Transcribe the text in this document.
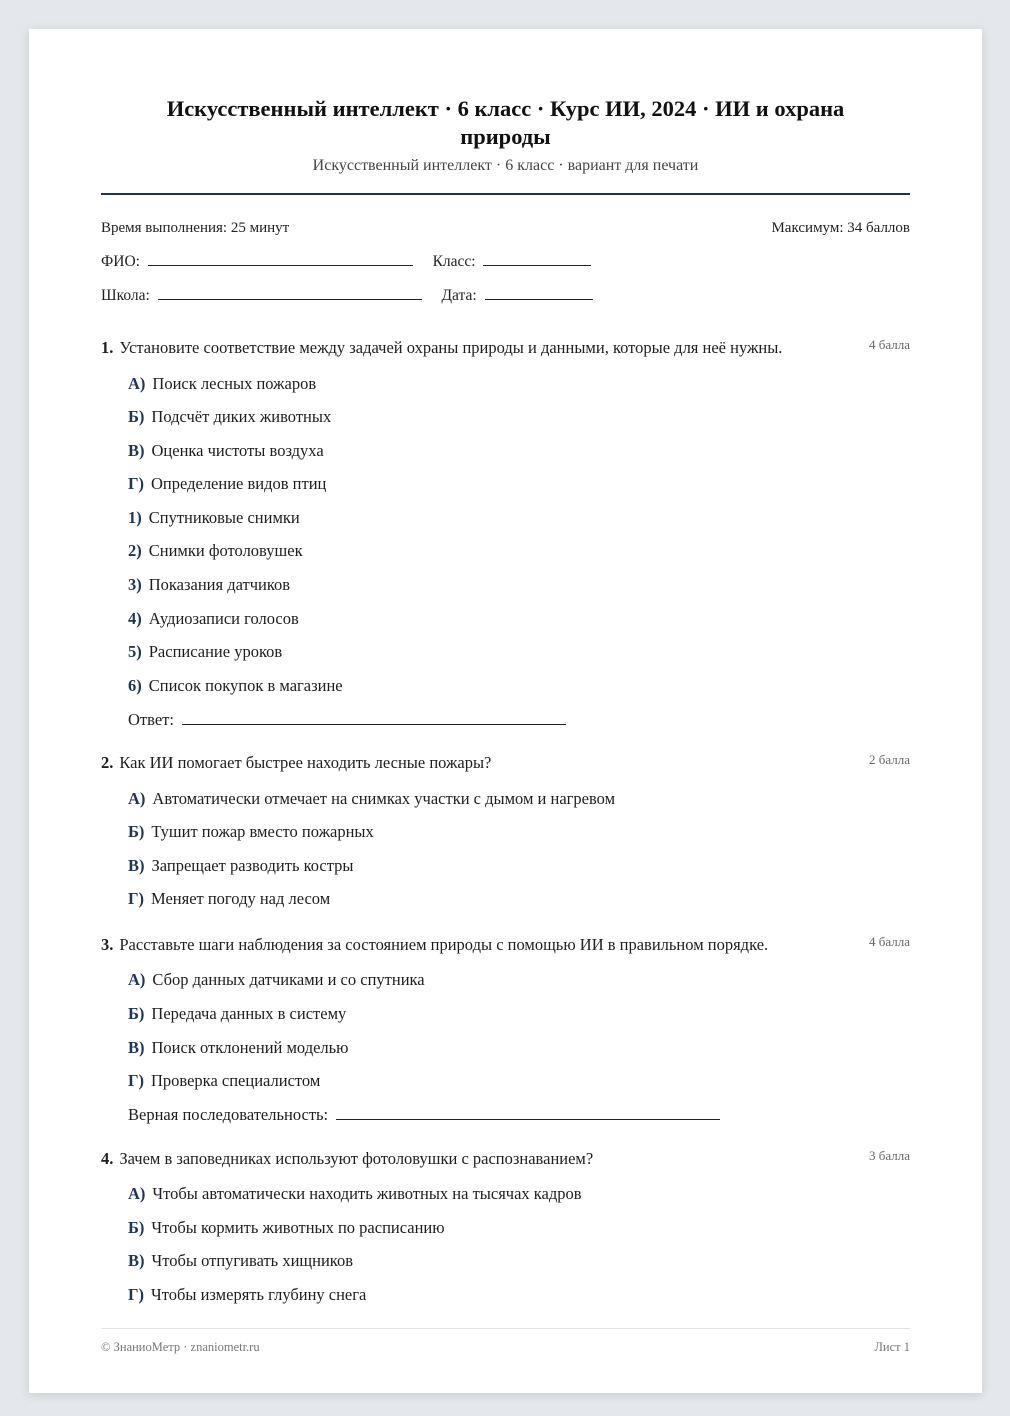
Искусственный интеллект · 6 класс · Курс ИИ, 2024 · ИИ и охрана природы
Искусственный интеллект · 6 класс · вариант для печати
Время выполнения: 25 минут	Максимум: 34 баллов
ФИО:	Класс:
Школа:	Дата:
1. Установите соответствие между задачей охраны природы и данными, которые для неё нужны.	4 балла
А) Поиск лесных пожаров
Б) Подсчёт диких животных
В) Оценка чистоты воздуха
Г) Определение видов птиц
1) Спутниковые снимки
2) Снимки фотоловушек
3) Показания датчиков
4) Аудиозаписи голосов
5) Расписание уроков
6) Список покупок в магазине
Ответ:
2. Как ИИ помогает быстрее находить лесные пожары?	2 балла
А) Автоматически отмечает на снимках участки с дымом и нагревом
Б) Тушит пожар вместо пожарных
В) Запрещает разводить костры
Г) Меняет погоду над лесом
3. Расставьте шаги наблюдения за состоянием природы с помощью ИИ в правильном порядке.	4 балла
А) Сбор данных датчиками и со спутника
Б) Передача данных в систему
В) Поиск отклонений моделью
Г) Проверка специалистом
Верная последовательность:
4. Зачем в заповедниках используют фотоловушки с распознаванием?	3 балла
А) Чтобы автоматически находить животных на тысячах кадров
Б) Чтобы кормить животных по расписанию
В) Чтобы отпугивать хищников
Г) Чтобы измерять глубину снега
© ЗнаниоМетр · znaniometr.ru	Лист 1
